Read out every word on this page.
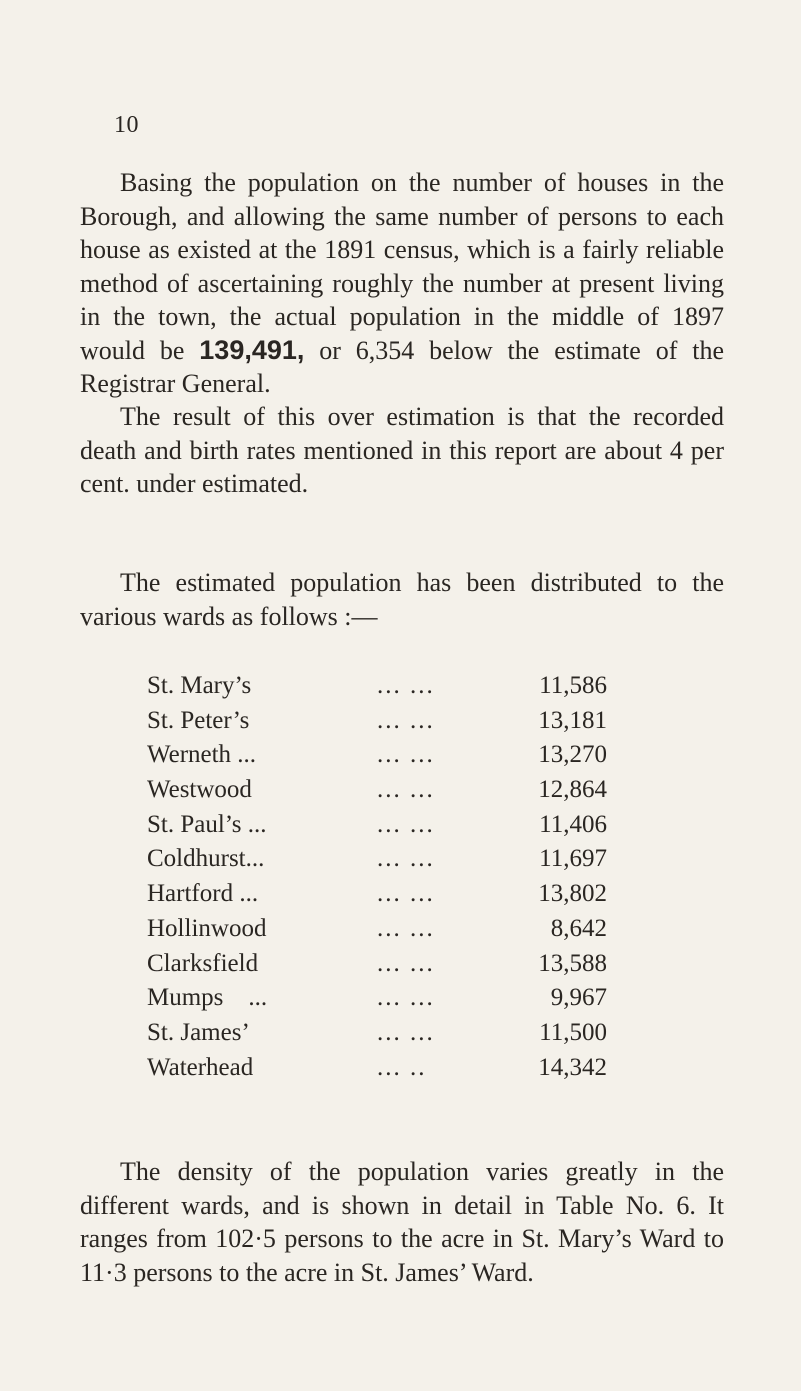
10

Basing the population on the number of houses in the Borough, and allowing the same number of persons to each house as existed at the 1891 census, which is a fairly reliable method of ascertaining roughly the number at present living in the town, the actual population in the middle of 1897 would be 139,491, or 6,354 below the estimate of the Registrar General.

The result of this over estimation is that the recorded death and birth rates mentioned in this report are about 4 per cent. under estimated.

The estimated population has been distributed to the various wards as follows :—

St. Mary’s	... ...	11,586
St. Peter’s	... ...	13,181
Werneth ...	... ...	13,270
Westwood	... ...	12,864
St. Paul’s ...	... ...	11,406
Coldhurst...	... ...	11,697
Hartford ...	... ...	13,802
Hollinwood	... ...	8,642
Clarksfield	... ...	13,588
Mumps    ...	... ...	9,967
St. James’	... ...	11,500
Waterhead	... ..	14,342

The density of the population varies greatly in the different wards, and is shown in detail in Table No. 6. It ranges from 102·5 persons to the acre in St. Mary’s Ward to 11·3 persons to the acre in St. James’ Ward.
